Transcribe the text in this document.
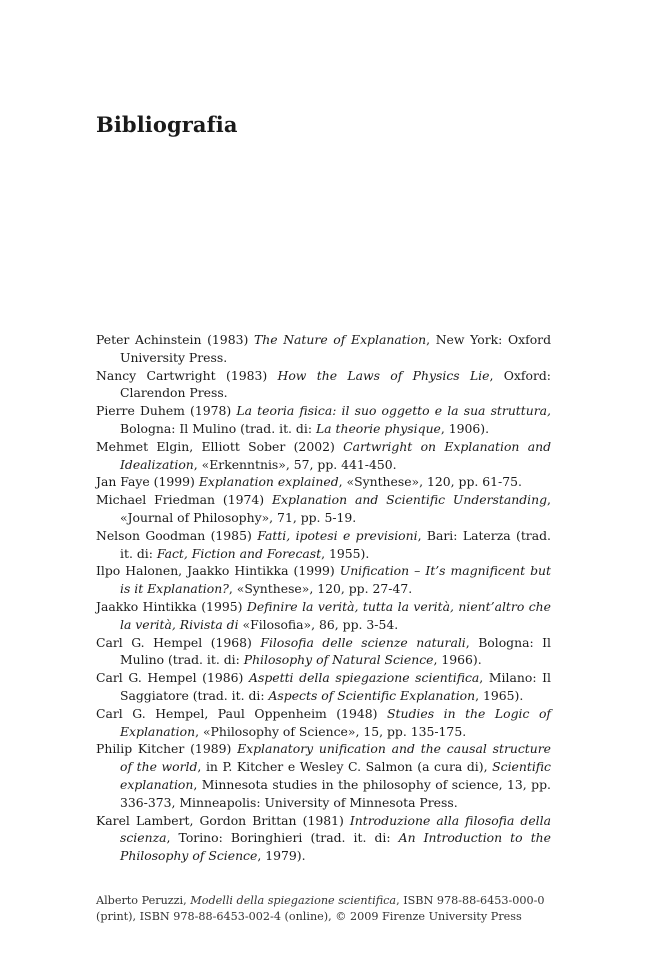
Bibliografia
Peter Achinstein (1983) The Nature of Explanation, New York: Oxford University Press.
Nancy Cartwright (1983) How the Laws of Physics Lie, Oxford: Clarendon Press.
Pierre Duhem (1978) La teoria fisica: il suo oggetto e la sua struttura, Bologna: Il Mulino (trad. it. di: La theorie physique, 1906).
Mehmet Elgin, Elliott Sober (2002) Cartwright on Explanation and Idealization, «Erkenntnis», 57, pp. 441-450.
Jan Faye (1999) Explanation explained, «Synthese», 120, pp. 61-75.
Michael Friedman (1974) Explanation and Scientific Understanding, «Journal of Philosophy», 71, pp. 5-19.
Nelson Goodman (1985) Fatti, ipotesi e previsioni, Bari: Laterza (trad. it. di: Fact, Fiction and Forecast, 1955).
Ilpo Halonen, Jaakko Hintikka (1999) Unification – It’s magnificent but is it Explanation?, «Synthese», 120, pp. 27-47.
Jaakko Hintikka (1995) Definire la verità, tutta la verità, nient’altro che la verità, Rivista di «Filosofia», 86, pp. 3-54.
Carl G. Hempel (1968) Filosofia delle scienze naturali, Bologna: Il Mulino (trad. it. di: Philosophy of Natural Science, 1966).
Carl G. Hempel (1986) Aspetti della spiegazione scientifica, Milano: Il Saggiatore (trad. it. di: Aspects of Scientific Explanation, 1965).
Carl G. Hempel, Paul Oppenheim (1948) Studies in the Logic of Explanation, «Philosophy of Science», 15, pp. 135-175.
Philip Kitcher (1989) Explanatory unification and the causal structure of the world, in P. Kitcher e Wesley C. Salmon (a cura di), Scientific explanation, Minnesota studies in the philosophy of science, 13, pp. 336-373, Minneapolis: University of Minnesota Press.
Karel Lambert, Gordon Brittan (1981) Introduzione alla filosofia della scienza, Torino: Boringhieri (trad. it. di: An Introduction to the Philosophy of Science, 1979).
Alberto Peruzzi, Modelli della spiegazione scientifica, ISBN 978-88-6453-000-0 (print), ISBN 978-88-6453-002-4 (online), © 2009 Firenze University Press
